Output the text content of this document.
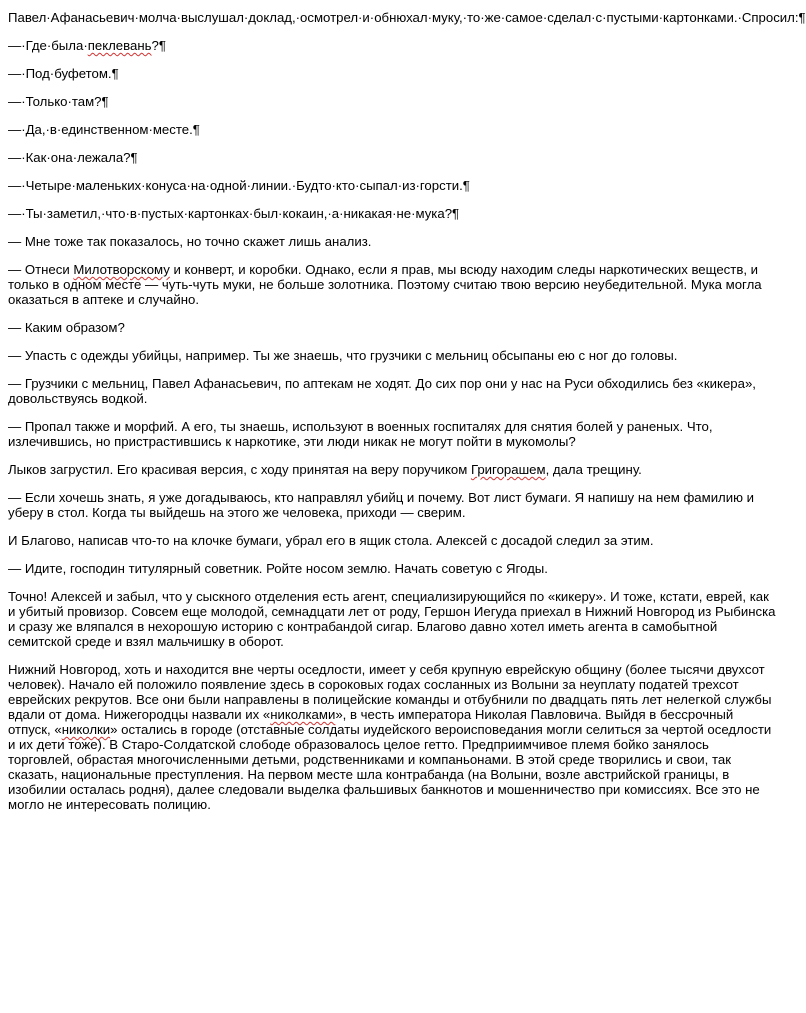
Павел·Афанасьевич·молча·выслушал·доклад,·осмотрел·и·обнюхал·муку,·то·же·самое·сделал·с·пустыми·картонками.·Спросил:¶

—·Где·была·пеклевань?¶

—·Под·буфетом.¶

—·Только·там?¶

—·Да,·в·единственном·месте.¶

—·Как·она·лежала?¶

—·Четыре·маленьких·конуса·на·одной·линии.·Будто·кто·сыпал·из·горсти.¶

—·Ты·заметил,·что·в·пустых·картонках·был·кокаин,·а·никакая·не·мука?¶

— Мне тоже так показалось, но точно скажет лишь анализ.

— Отнеси Милотворскому и конверт, и коробки. Однако, если я прав, мы всюду находим следы наркотических веществ, и только в одном месте — чуть-чуть муки, не больше золотника. Поэтому считаю твою версию неубедительной. Мука могла оказаться в аптеке и случайно.

— Каким образом?

— Упасть с одежды убийцы, например. Ты же знаешь, что грузчики с мельниц обсыпаны ею с ног до головы.

— Грузчики с мельниц, Павел Афанасьевич, по аптекам не ходят. До сих пор они у нас на Руси обходились без «кикера», довольствуясь водкой.

— Пропал также и морфий. А его, ты знаешь, используют в военных госпиталях для снятия болей у раненых. Что, излечившись, но пристрастившись к наркотике, эти люди никак не могут пойти в мукомолы?

Лыков загрустил. Его красивая версия, с ходу принятая на веру поручиком Григорашем, дала трещину.

— Если хочешь знать, я уже догадываюсь, кто направлял убийц и почему. Вот лист бумаги. Я напишу на нем фамилию и уберу в стол. Когда ты выйдешь на этого же человека, приходи — сверим.

И Благово, написав что-то на клочке бумаги, убрал его в ящик стола. Алексей с досадой следил за этим.

— Идите, господин титулярный советник. Ройте носом землю. Начать советую с Ягоды.

Точно! Алексей и забыл, что у сыскного отделения есть агент, специализирующийся по «кикеру». И тоже, кстати, еврей, как и убитый провизор. Совсем еще молодой, семнадцати лет от роду, Гершон Иегуда приехал в Нижний Новгород из Рыбинска и сразу же вляпался в нехорошую историю с контрабандой сигар. Благово давно хотел иметь агента в самобытной семитской среде и взял мальчишку в оборот.

Нижний Новгород, хоть и находится вне черты оседлости, имеет у себя крупную еврейскую общину (более тысячи двухсот человек). Начало ей положило появление здесь в сороковых годах сосланных из Волыни за неуплату податей трехсот еврейских рекрутов. Все они были направлены в полицейские команды и отбубнили по двадцать пять лет нелегкой службы вдали от дома. Нижегородцы назвали их «николками», в честь императора Николая Павловича. Выйдя в бессрочный отпуск, «николки» остались в городе (отставные солдаты иудейского вероисповедания могли селиться за чертой оседлости и их дети тоже). В Старо-Солдатской слободе образовалось целое гетто. Предприимчивое племя бойко занялось торговлей, обрастая многочисленными детьми, родственниками и компаньонами. В этой среде творились и свои, так сказать, национальные преступления. На первом месте шла контрабанда (на Волыни, возле австрийской границы, в изобилии осталась родня), далее следовали выделка фальшивых банкнотов и мошенничество при комиссиях. Все это не могло не интересовать полицию.
